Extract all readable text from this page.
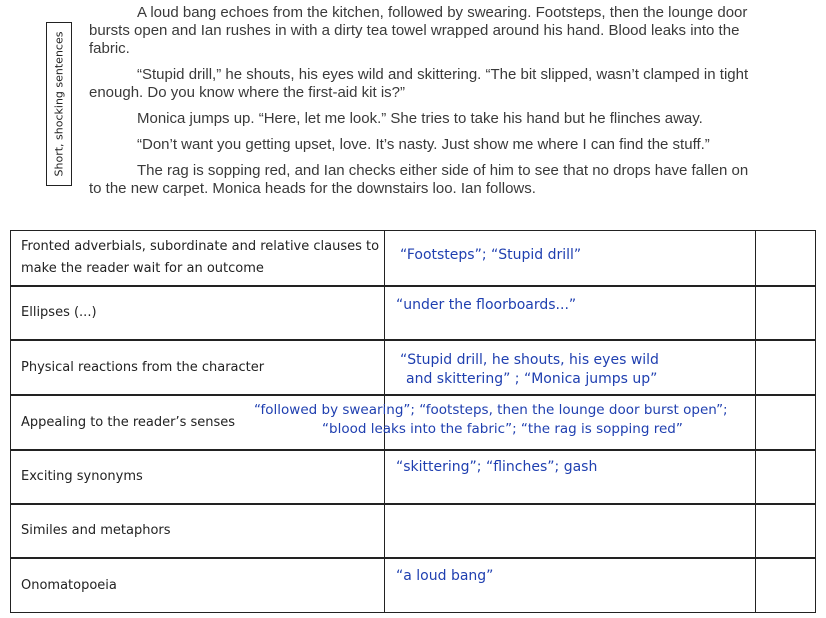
Short, shocking sentences

A loud bang echoes from the kitchen, followed by swearing. Footsteps, then the lounge door bursts open and Ian rushes in with a dirty tea towel wrapped around his hand. Blood leaks into the fabric.

“Stupid drill,” he shouts, his eyes wild and skittering. “The bit slipped, wasn’t clamped in tight enough. Do you know where the first-aid kit is?”

Monica jumps up. “Here, let me look.” She tries to take his hand but he flinches away.

“Don’t want you getting upset, love. It’s nasty. Just show me where I can find the stuff.”

The rag is sopping red, and Ian checks either side of him to see that no drops have fallen on to the new carpet. Monica heads for the downstairs loo. Ian follows.

Fronted adverbials, subordinate and relative clauses to make the reader wait for an outcome
Ellipses (...)
Physical reactions from the character
Appealing to the reader’s senses
Exciting synonyms
Similes and metaphors
Onomatopoeia
“Footsteps”; “Stupid drill”
“under the floorboards...”
“Stupid drill, he shouts, his eyes wild
and skittering” ; “Monica jumps up”
“followed by swearing”; “footsteps, then the lounge door burst open”;
“blood leaks into the fabric”; “the rag is sopping red”
“skittering”; “flinches”; gash
“a loud bang”
